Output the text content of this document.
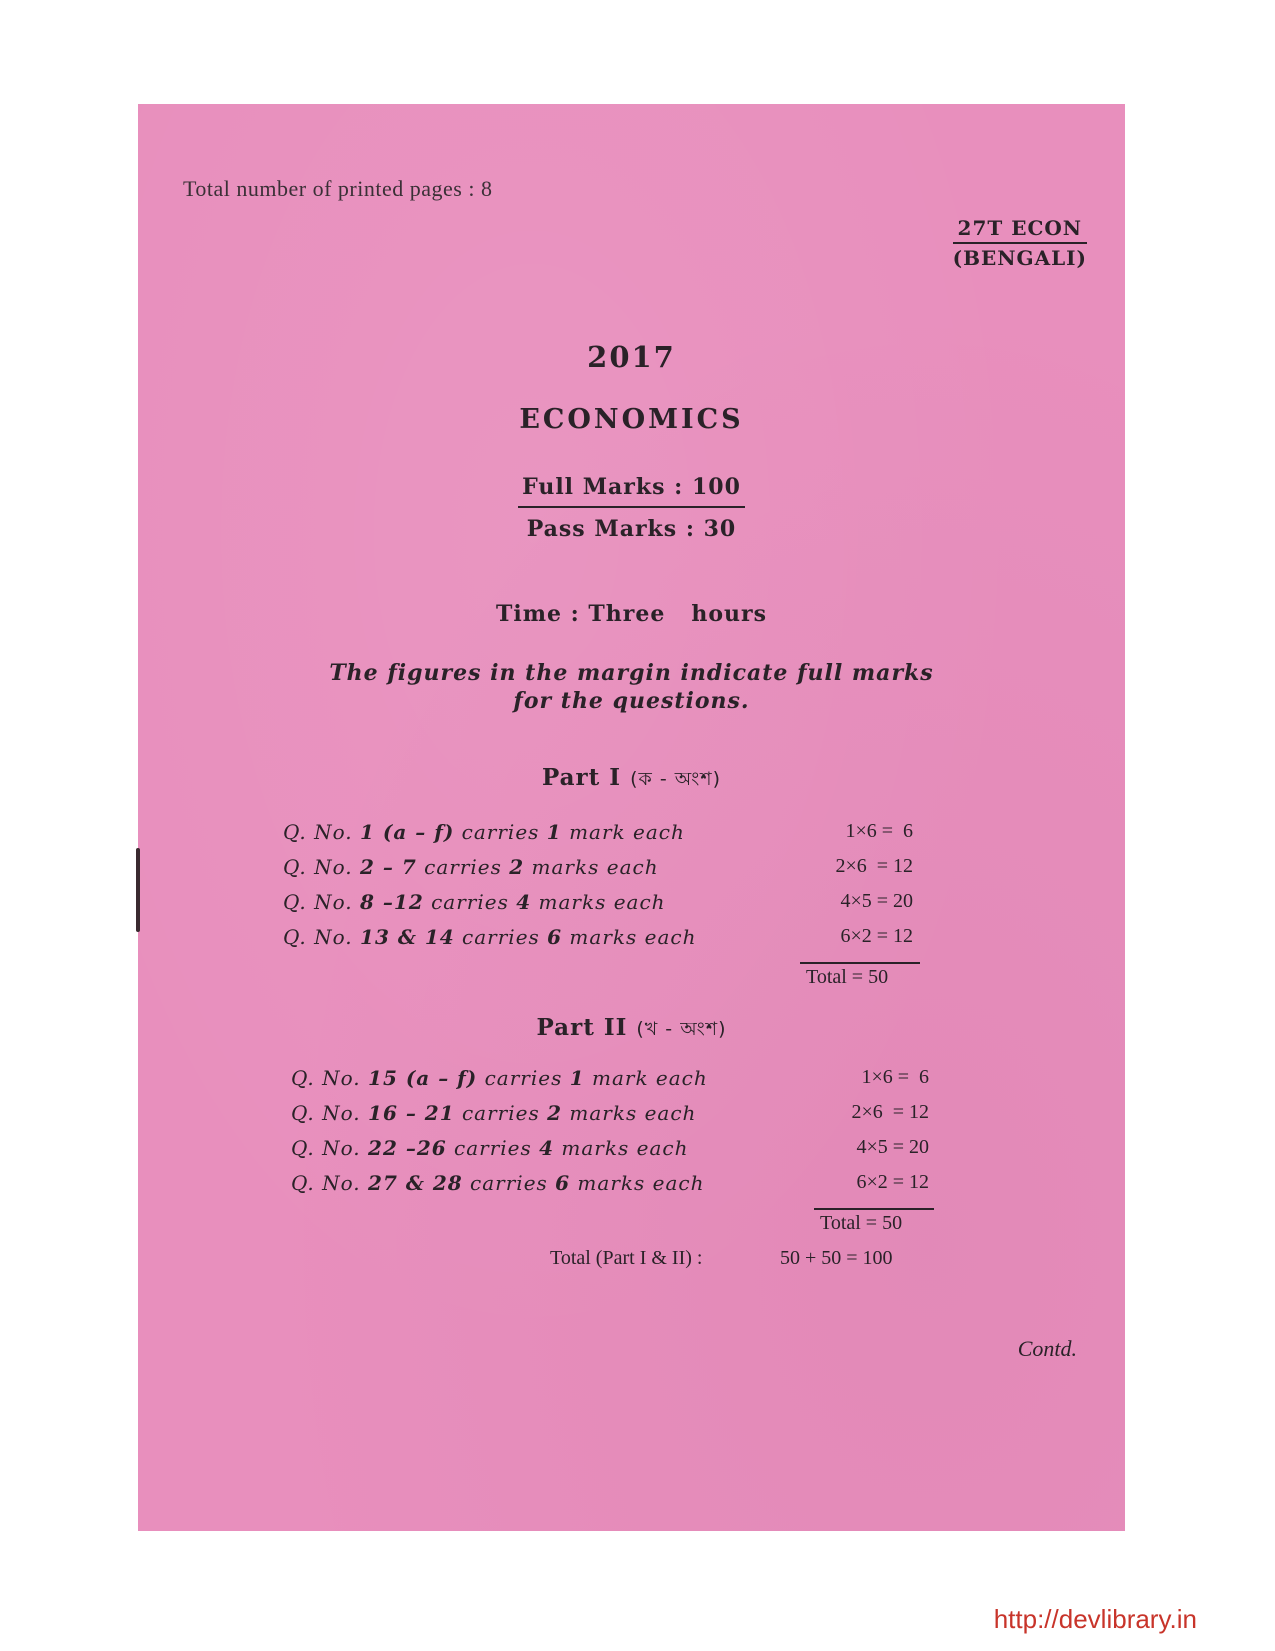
Total number of printed pages : 8
27T ECON
(BENGALI)
2017
ECONOMICS
Full Marks : 100
Pass Marks : 30
Time : Three   hours
The figures in the margin indicate full marks
for the questions.
Part I (ক - অংশ)
Q. No. 1 (a – f) carries 1 mark each	1×6 =  6
Q. No. 2 – 7 carries 2 marks each	2×6  = 12
Q. No. 8 –12 carries 4 marks each	4×5 = 20
Q. No. 13 & 14 carries 6 marks each	6×2 = 12
Total = 50
Part II (খ - অংশ)
Q. No. 15 (a – f) carries 1 mark each	1×6 =  6
Q. No. 16 – 21 carries 2 marks each	2×6  = 12
Q. No. 22 –26 carries 4 marks each	4×5 = 20
Q. No. 27 & 28 carries 6 marks each	6×2 = 12
Total = 50
Total (Part I & II) :	50 + 50 = 100
Contd.
http://devlibrary.in
